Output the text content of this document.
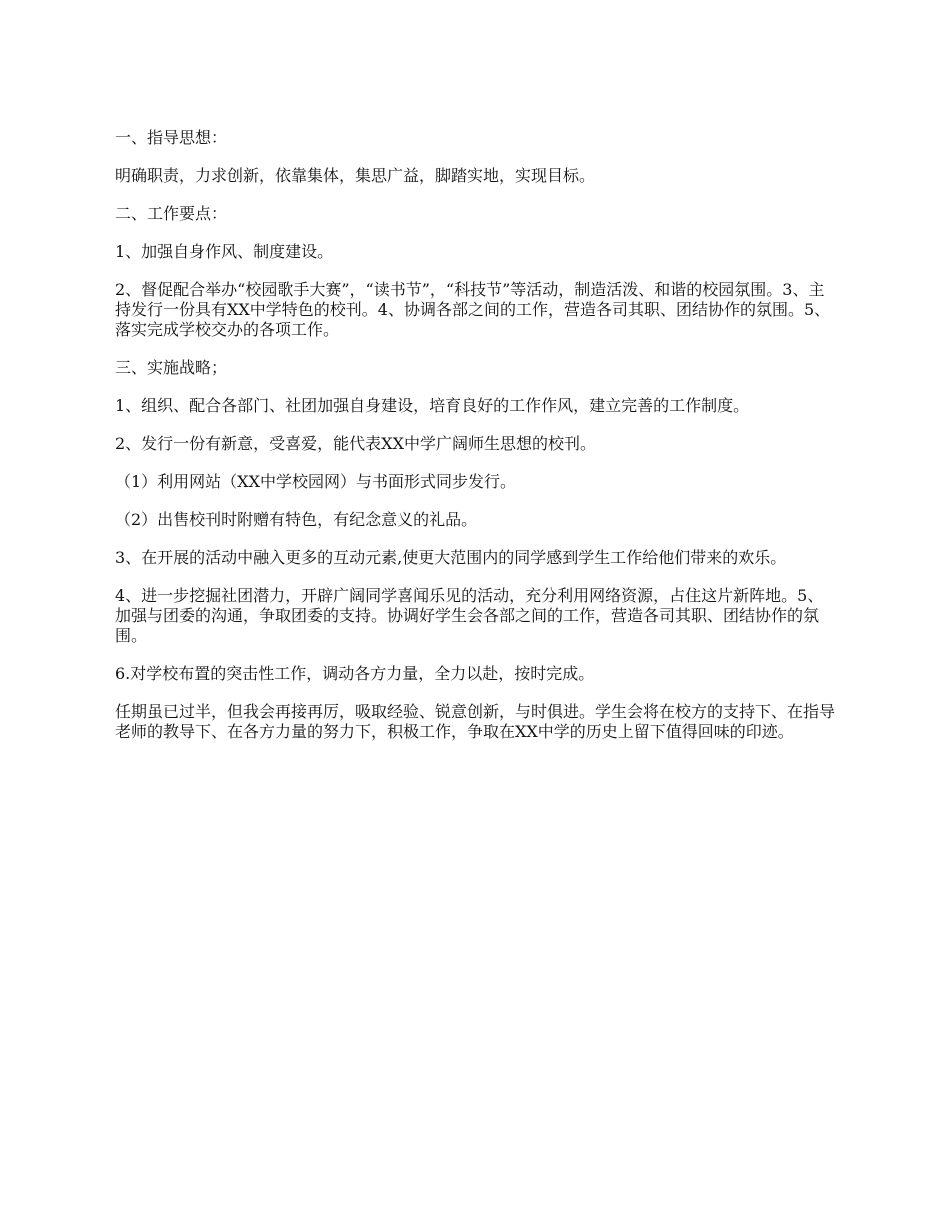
一、指导思想：

明确职责，力求创新，依靠集体，集思广益，脚踏实地，实现目标。

二、工作要点：

1、加强自身作风、制度建设。

2、督促配合举办“校园歌手大赛”，“读书节”，“科技节”等活动，制造活泼、和谐的校园氛围。3、主持发行一份具有XX中学特色的校刊。4、协调各部之间的工作，营造各司其职、团结协作的氛围。5、落实完成学校交办的各项工作。

三、实施战略；

1、组织、配合各部门、社团加强自身建设，培育良好的工作作风，建立完善的工作制度。

2、发行一份有新意，受喜爱，能代表XX中学广阔师生思想的校刊。

（1）利用网站（XX中学校园网）与书面形式同步发行。

（2）出售校刊时附赠有特色，有纪念意义的礼品。

3、在开展的活动中融入更多的互动元素,使更大范围内的同学感到学生工作给他们带来的欢乐。

4、进一步挖掘社团潜力，开辟广阔同学喜闻乐见的活动，充分利用网络资源，占住这片新阵地。5、加强与团委的沟通，争取团委的支持。协调好学生会各部之间的工作，营造各司其职、团结协作的氛围。

6.对学校布置的突击性工作，调动各方力量，全力以赴，按时完成。

任期虽已过半，但我会再接再厉，吸取经验、锐意创新，与时俱进。学生会将在校方的支持下、在指导老师的教导下、在各方力量的努力下，积极工作，争取在XX中学的历史上留下值得回味的印迹。
